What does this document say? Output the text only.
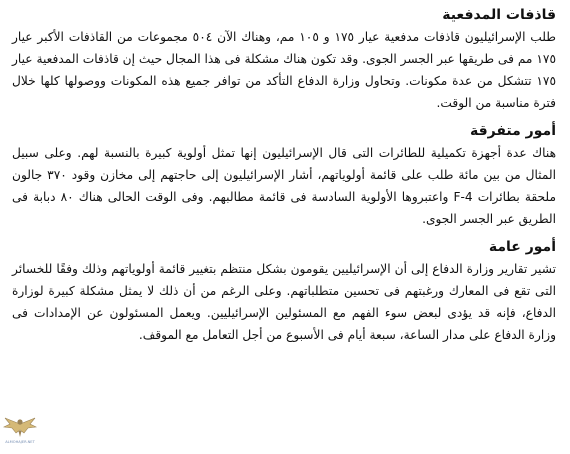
قاذفات المدفعية

طلب الإسرائيليون قاذفات مدفعية عيار ١٧٥ و ١٠٥ مم، وهناك الآن ٥٠٤ مجموعات من القاذفات الأكبر عيار ١٧٥ مم فى طريقها عبر الجسر الجوى. وقد تكون هناك مشكلة فى هذا المجال حيث إن قاذفات المدفعية عيار ١٧٥ تتشكل من عدة مكونات. وتحاول وزارة الدفاع التأكد من توافر جميع هذه المكونات ووصولها كلها خلال فترة مناسبة من الوقت.

أمور متفرقة

هناك عدة أجهزة تكميلية للطائرات التى قال الإسرائيليون إنها تمثل أولوية كبيرة بالنسبة لهم. وعلى سبيل المثال من بين مائة طلب على قائمة أولوياتهم، أشار الإسرائيليون إلى حاجتهم إلى مخازن وقود ٣٧٠ جالون ملحقة بطائرات F-4 واعتبروها الأولوية السادسة فى قائمة مطالبهم. وفى الوقت الحالى هناك ٨٠ دبابة فى الطريق عبر الجسر الجوى.

أمور عامة

تشير تقارير وزارة الدفاع إلى أن الإسرائيليين يقومون بشكل منتظم بتغيير قائمة أولوياتهم وذلك وفقًا للخسائر التى تقع فى المعارك ورغبتهم فى تحسين متطلباتهم. وعلى الرغم من أن ذلك لا يمثل مشكلة كبيرة لوزارة الدفاع، فإنه قد يؤدى لبعض سوء الفهم مع المسئولين الإسرائيليين. ويعمل المسئولون عن الإمدادات فى وزارة الدفاع على مدار الساعة، سبعة أيام فى الأسبوع من أجل التعامل مع الموقف.

ALMOHAJER.NET
